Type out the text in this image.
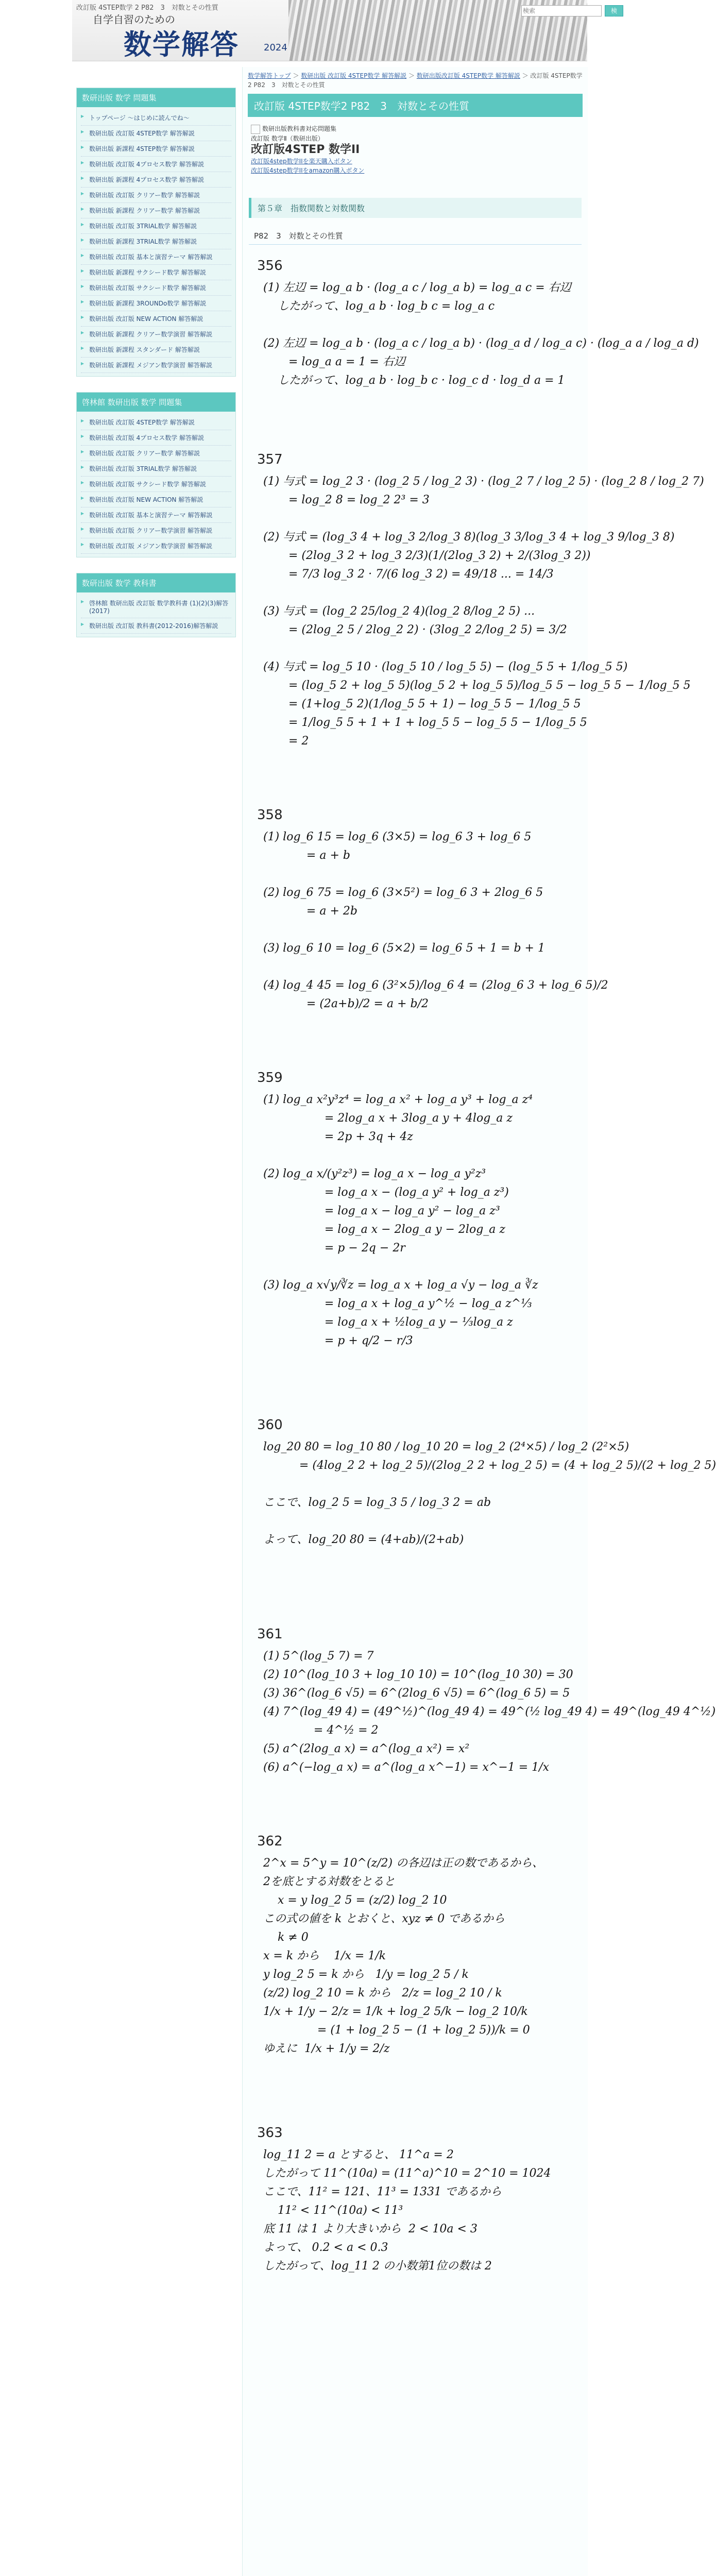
改訂版 4STEP数学 2 P82　3　対数とその性質
自学自習のための
数学解答	2024
検索
検索
数研出版 数学 問題集
▶ トップページ ～はじめに読んでね～
▶ 数研出版 改訂版 4STEP数学 解答解説
▶ 数研出版 新課程 4STEP数学 解答解説
▶ 数研出版 改訂版 4プロセス数学 解答解説
▶ 数研出版 新課程 4プロセス数学 解答解説
▶ 数研出版 改訂版 クリアー数学 解答解説
▶ 数研出版 新課程 クリアー数学 解答解説
▶ 数研出版 改訂版 3TRIAL数学 解答解説
▶ 数研出版 新課程 3TRIAL数学 解答解説
▶ 数研出版 改訂版 基本と演習テーマ 解答解説
▶ 数研出版 新課程 サクシード数学 解答解説
▶ 数研出版 改訂版 サクシード数学 解答解説
▶ 数研出版 新課程 3ROUNDo数学 解答解説
▶ 数研出版 改訂版 NEW ACTION 解答解説
▶ 数研出版 新課程 クリアー数学演習 解答解説
▶ 数研出版 新課程 スタンダード 解答解説
▶ 数研出版 新課程 メジアン数学演習 解答解説
啓林館 数研出版 数学 問題集
▶ 数研出版 改訂版 4STEP数学 解答解説
▶ 数研出版 改訂版 4プロセス数学 解答解説
▶ 数研出版 改訂版 クリアー数学 解答解説
▶ 数研出版 改訂版 3TRIAL数学 解答解説
▶ 数研出版 改訂版 サクシード数学 解答解説
▶ 数研出版 改訂版 NEW ACTION 解答解説
▶ 数研出版 改訂版 基本と演習テーマ 解答解説
▶ 数研出版 改訂版 クリアー数学演習 解答解説
▶ 数研出版 改訂版 メジアン数学演習 解答解説
数研出版 数学 教科書
▶ 啓林館 数研出版 改訂版 数学教科書 (1)(2)(3)解答(2017)
▶ 数研出版 改訂版 教科書(2012-2016)解答解説
数学解答トップ ＞ 数研出版 改訂版 4STEP数学 解答解説 ＞ 数研出版改訂版 4STEP数学 解答解説 ＞ 改訂版 4STEP数学2 P82　3　対数とその性質
改訂版 4STEP数学2 P82　3　対数とその性質
数研出版教科書対応問題集
改訂版 数学Ⅱ（数研出版）
改訂版4STEP 数学II
改訂版4step数学IIを楽天購入ボタン
改訂版4step数学IIをamazon購入ボタン
第５章　指数関数と対数関数
P82　3　対数とその性質
356
(1) 左辺 = log_a b · (log_a c / log_a b) = log_a c = 右辺
したがって、log_a b · log_b c = log_a c

(2) 左辺 = log_a b · (log_a c / log_a b) · (log_a d / log_a c) · (log_a a / log_a d)
= log_a a = 1 = 右辺
したがって、log_a b · log_b c · log_c d · log_d a = 1
357
(1) 与式 = log_2 3 · (log_2 5 / log_2 3) · (log_2 7 / log_2 5) · (log_2 8 / log_2 7)
= log_2 8 = log_2 2³ = 3

(2) 与式 = (log_3 4 + log_3 2/log_3 8)(log_3 3/log_3 4 + log_3 9/log_3 8)
= (2log_3 2 + log_3 2/3)(1/(2log_3 2) + 2/(3log_3 2))
= 7/3 log_3 2 · 7/(6 log_3 2) = 49/18 ... = 14/3

(3) 与式 = (log_2 25/log_2 4)(log_2 8/log_2 5) ...
= (2log_2 5 / 2log_2 2) · (3log_2 2/log_2 5) = 3/2

(4) 与式 = log_5 10 · (log_5 10 / log_5 5) − (log_5 5 + 1/log_5 5)
= (log_5 2 + log_5 5)(log_5 2 + log_5 5)/log_5 5 − log_5 5 − 1/log_5 5
= (1+log_5 2)(1/log_5 5 + 1) − log_5 5 − 1/log_5 5
= 1/log_5 5 + 1 + 1 + log_5 5 − log_5 5 − 1/log_5 5
= 2
358
(1) log_6 15 = log_6 (3×5) = log_6 3 + log_6 5
= a + b

(2) log_6 75 = log_6 (3×5²) = log_6 3 + 2log_6 5
= a + 2b

(3) log_6 10 = log_6 (5×2) = log_6 5 + 1 = b + 1

(4) log_4 45 = log_6 (3²×5)/log_6 4 = (2log_6 3 + log_6 5)/2
= (2a+b)/2 = a + b/2
359
(1) log_a x²y³z⁴ = log_a x² + log_a y³ + log_a z⁴
= 2log_a x + 3log_a y + 4log_a z
= 2p + 3q + 4z

(2) log_a x/(y²z³) = log_a x − log_a y²z³
= log_a x − (log_a y² + log_a z³)
= log_a x − log_a y² − log_a z³
= log_a x − 2log_a y − 2log_a z
= p − 2q − 2r

(3) log_a x√y/∛z = log_a x + log_a √y − log_a ∛z
= log_a x + log_a y^½ − log_a z^⅓
= log_a x + ½log_a y − ⅓log_a z
= p + q/2 − r/3
360
log_20 80 = log_10 80 / log_10 20 = log_2 (2⁴×5) / log_2 (2²×5)
= (4log_2 2 + log_2 5)/(2log_2 2 + log_2 5) = (4 + log_2 5)/(2 + log_2 5)

ここで、log_2 5 = log_3 5 / log_3 2 = ab

よって、log_20 80 = (4+ab)/(2+ab)
361
(1) 5^(log_5 7) = 7
(2) 10^(log_10 3 + log_10 10) = 10^(log_10 30) = 30
(3) 36^(log_6 √5) = 6^(2log_6 √5) = 6^(log_6 5) = 5
(4) 7^(log_49 4) = (49^½)^(log_49 4) = 49^(½ log_49 4) = 49^(log_49 4^½)
= 4^½ = 2
(5) a^(2log_a x) = a^(log_a x²) = x²
(6) a^(−log_a x) = a^(log_a x^−1) = x^−1 = 1/x
362
2^x = 5^y = 10^(z/2) の各辺は正の数であるから、
2を底とする対数をとると
x = y log_2 5 = (z/2) log_2 10
この式の値を k とおくと、xyz ≠ 0 であるから
k ≠ 0
x = k から    1/x = 1/k
y log_2 5 = k から   1/y = log_2 5 / k
(z/2) log_2 10 = k から   2/z = log_2 10 / k
1/x + 1/y − 2/z = 1/k + log_2 5/k − log_2 10/k
= (1 + log_2 5 − (1 + log_2 5))/k = 0
ゆえに  1/x + 1/y = 2/z
363
log_11 2 = a とすると、 11^a = 2
したがって 11^(10a) = (11^a)^10 = 2^10 = 1024
ここで、11² = 121、11³ = 1331 であるから
11² < 11^(10a) < 11³
底 11 は 1 より大きいから  2 < 10a < 3
よって、 0.2 < a < 0.3
したがって、log_11 2 の小数第1位の数は 2
